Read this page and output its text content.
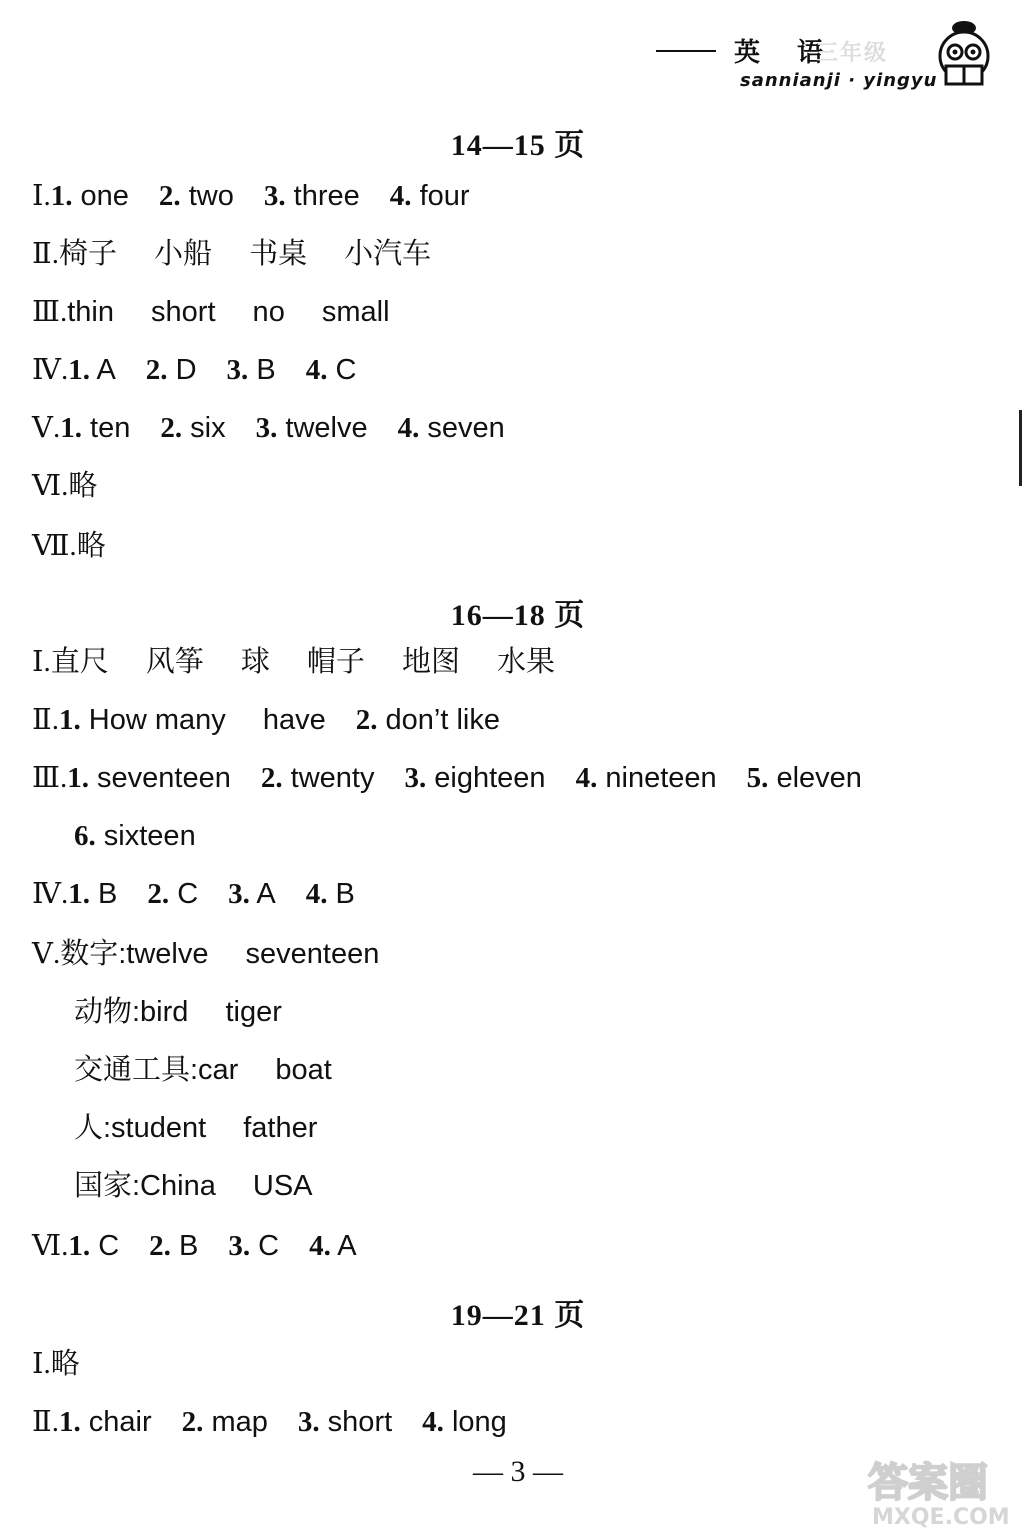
英 语
三年级
sannianji · yingyu
14—15 页
Ⅰ.1. one 2. two 3. three 4. four
Ⅱ.椅子　 小船　 书桌　 小汽车
Ⅲ.thin　 short　 no　 small
Ⅳ.1. A 2. D 3. B 4. C
Ⅴ.1. ten 2. six 3. twelve 4. seven
Ⅵ.略
Ⅶ.略
16—18 页
Ⅰ.直尺　 风筝　 球　 帽子　 地图　 水果
Ⅱ.1. How many　 have 2. don’t like
Ⅲ.1. seventeen 2. twenty 3. eighteen 4. nineteen 5. eleven
6. sixteen
Ⅳ.1. B 2. C 3. A 4. B
Ⅴ.数字:twelve　 seventeen
动物:bird　 tiger
交通工具:car　 boat
人:student　 father
国家:China　 USA
Ⅵ.1. C 2. B 3. C 4. A
19—21 页
Ⅰ.略
Ⅱ.1. chair 2. map 3. short 4. long
— 3 —	答案圈
MXQE.COM
